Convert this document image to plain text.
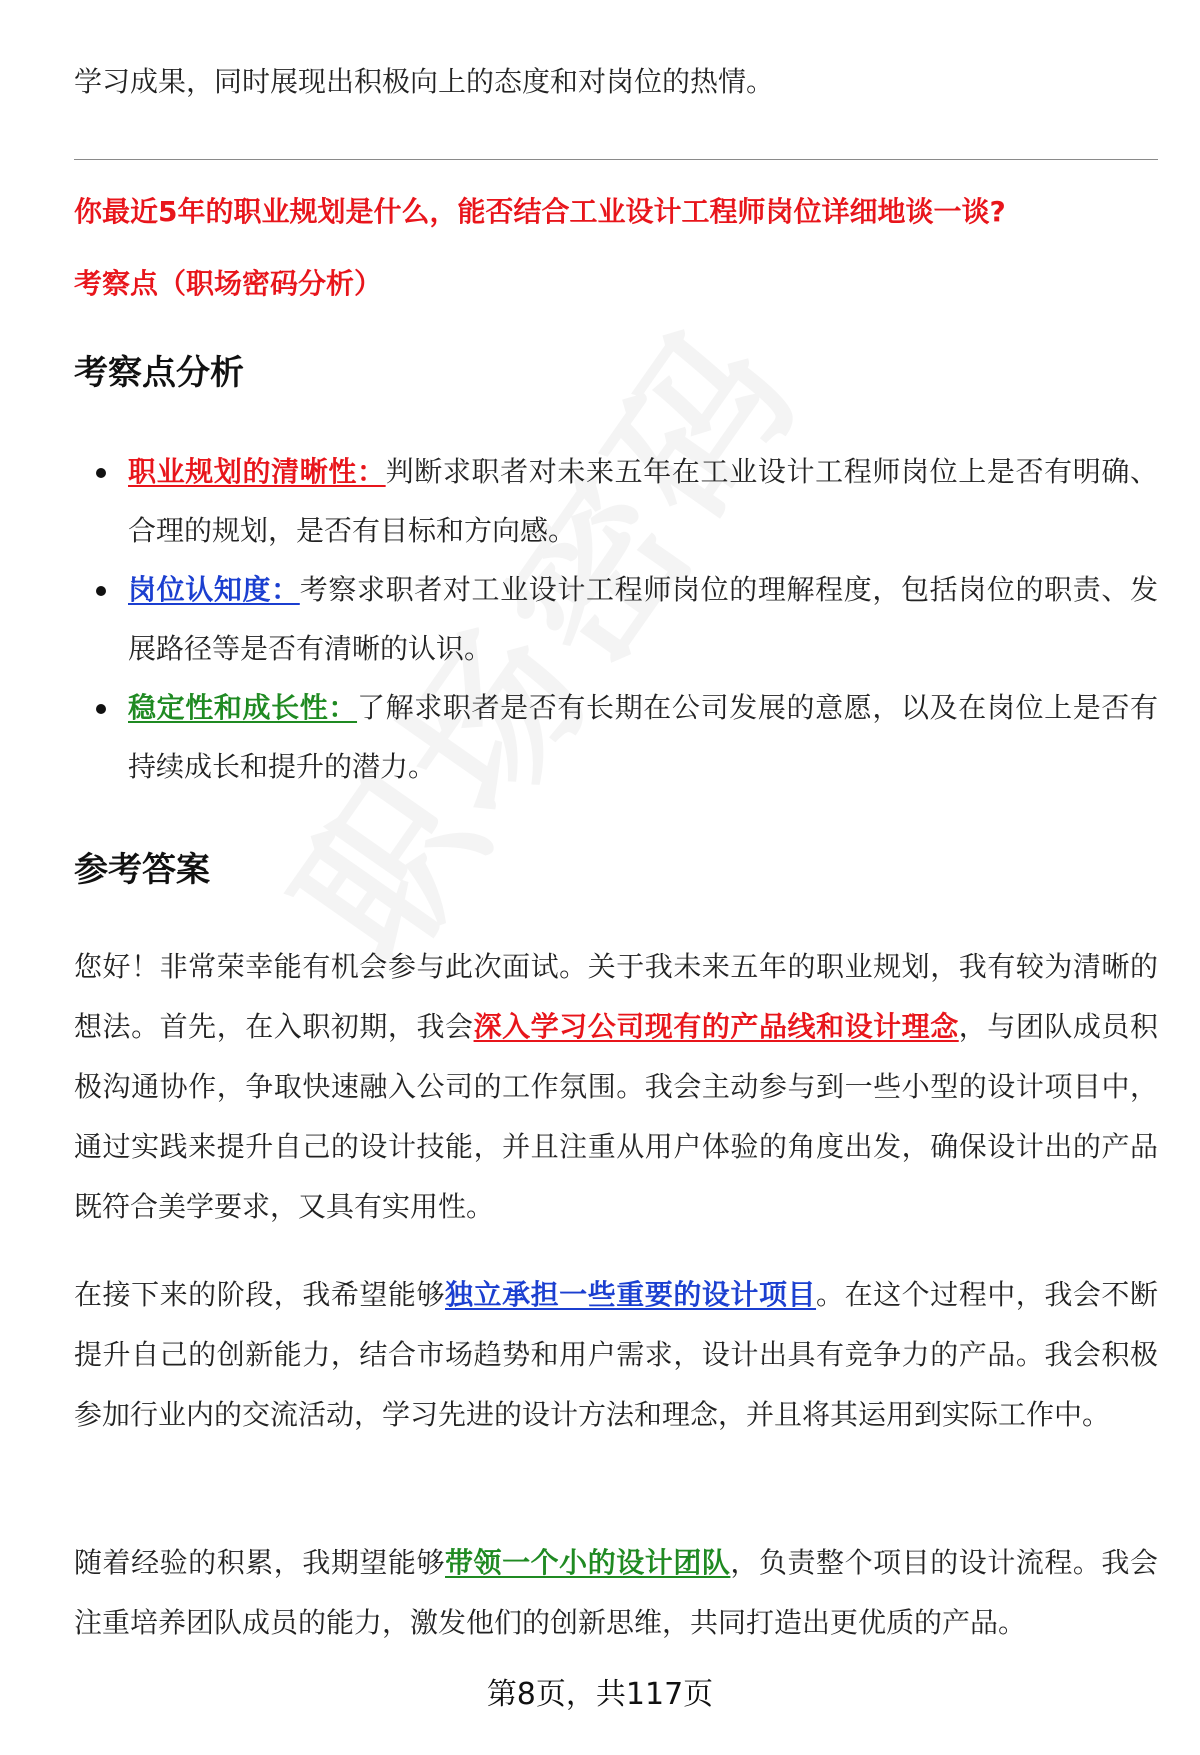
学习成果，同时展现出积极向上的态度和对岗位的热情。

你最近5年的职业规划是什么，能否结合工业设计工程师岗位详细地谈一谈?
考察点（职场密码分析）
考察点分析
职业规划的清晰性：判断求职者对未来五年在工业设计工程师岗位上是否有明确、合理的规划，是否有目标和方向感。
岗位认知度：考察求职者对工业设计工程师岗位的理解程度，包括岗位的职责、发展路径等是否有清晰的认识。
稳定性和成长性：了解求职者是否有长期在公司发展的意愿，以及在岗位上是否有持续成长和提升的潜力。
参考答案

您好！非常荣幸能有机会参与此次面试。关于我未来五年的职业规划，我有较为清晰的想法。首先，在入职初期，我会深入学习公司现有的产品线和设计理念，与团队成员积极沟通协作，争取快速融入公司的工作氛围。我会主动参与到一些小型的设计项目中，通过实践来提升自己的设计技能，并且注重从用户体验的角度出发，确保设计出的产品既符合美学要求，又具有实用性。

在接下来的阶段，我希望能够独立承担一些重要的设计项目。在这个过程中，我会不断提升自己的创新能力，结合市场趋势和用户需求，设计出具有竞争力的产品。我会积极参加行业内的交流活动，学习先进的设计方法和理念，并且将其运用到实际工作中。

随着经验的积累，我期望能够带领一个小的设计团队，负责整个项目的设计流程。我会注重培养团队成员的能力，激发他们的创新思维，共同打造出更优质的产品。

第8页，共117页
